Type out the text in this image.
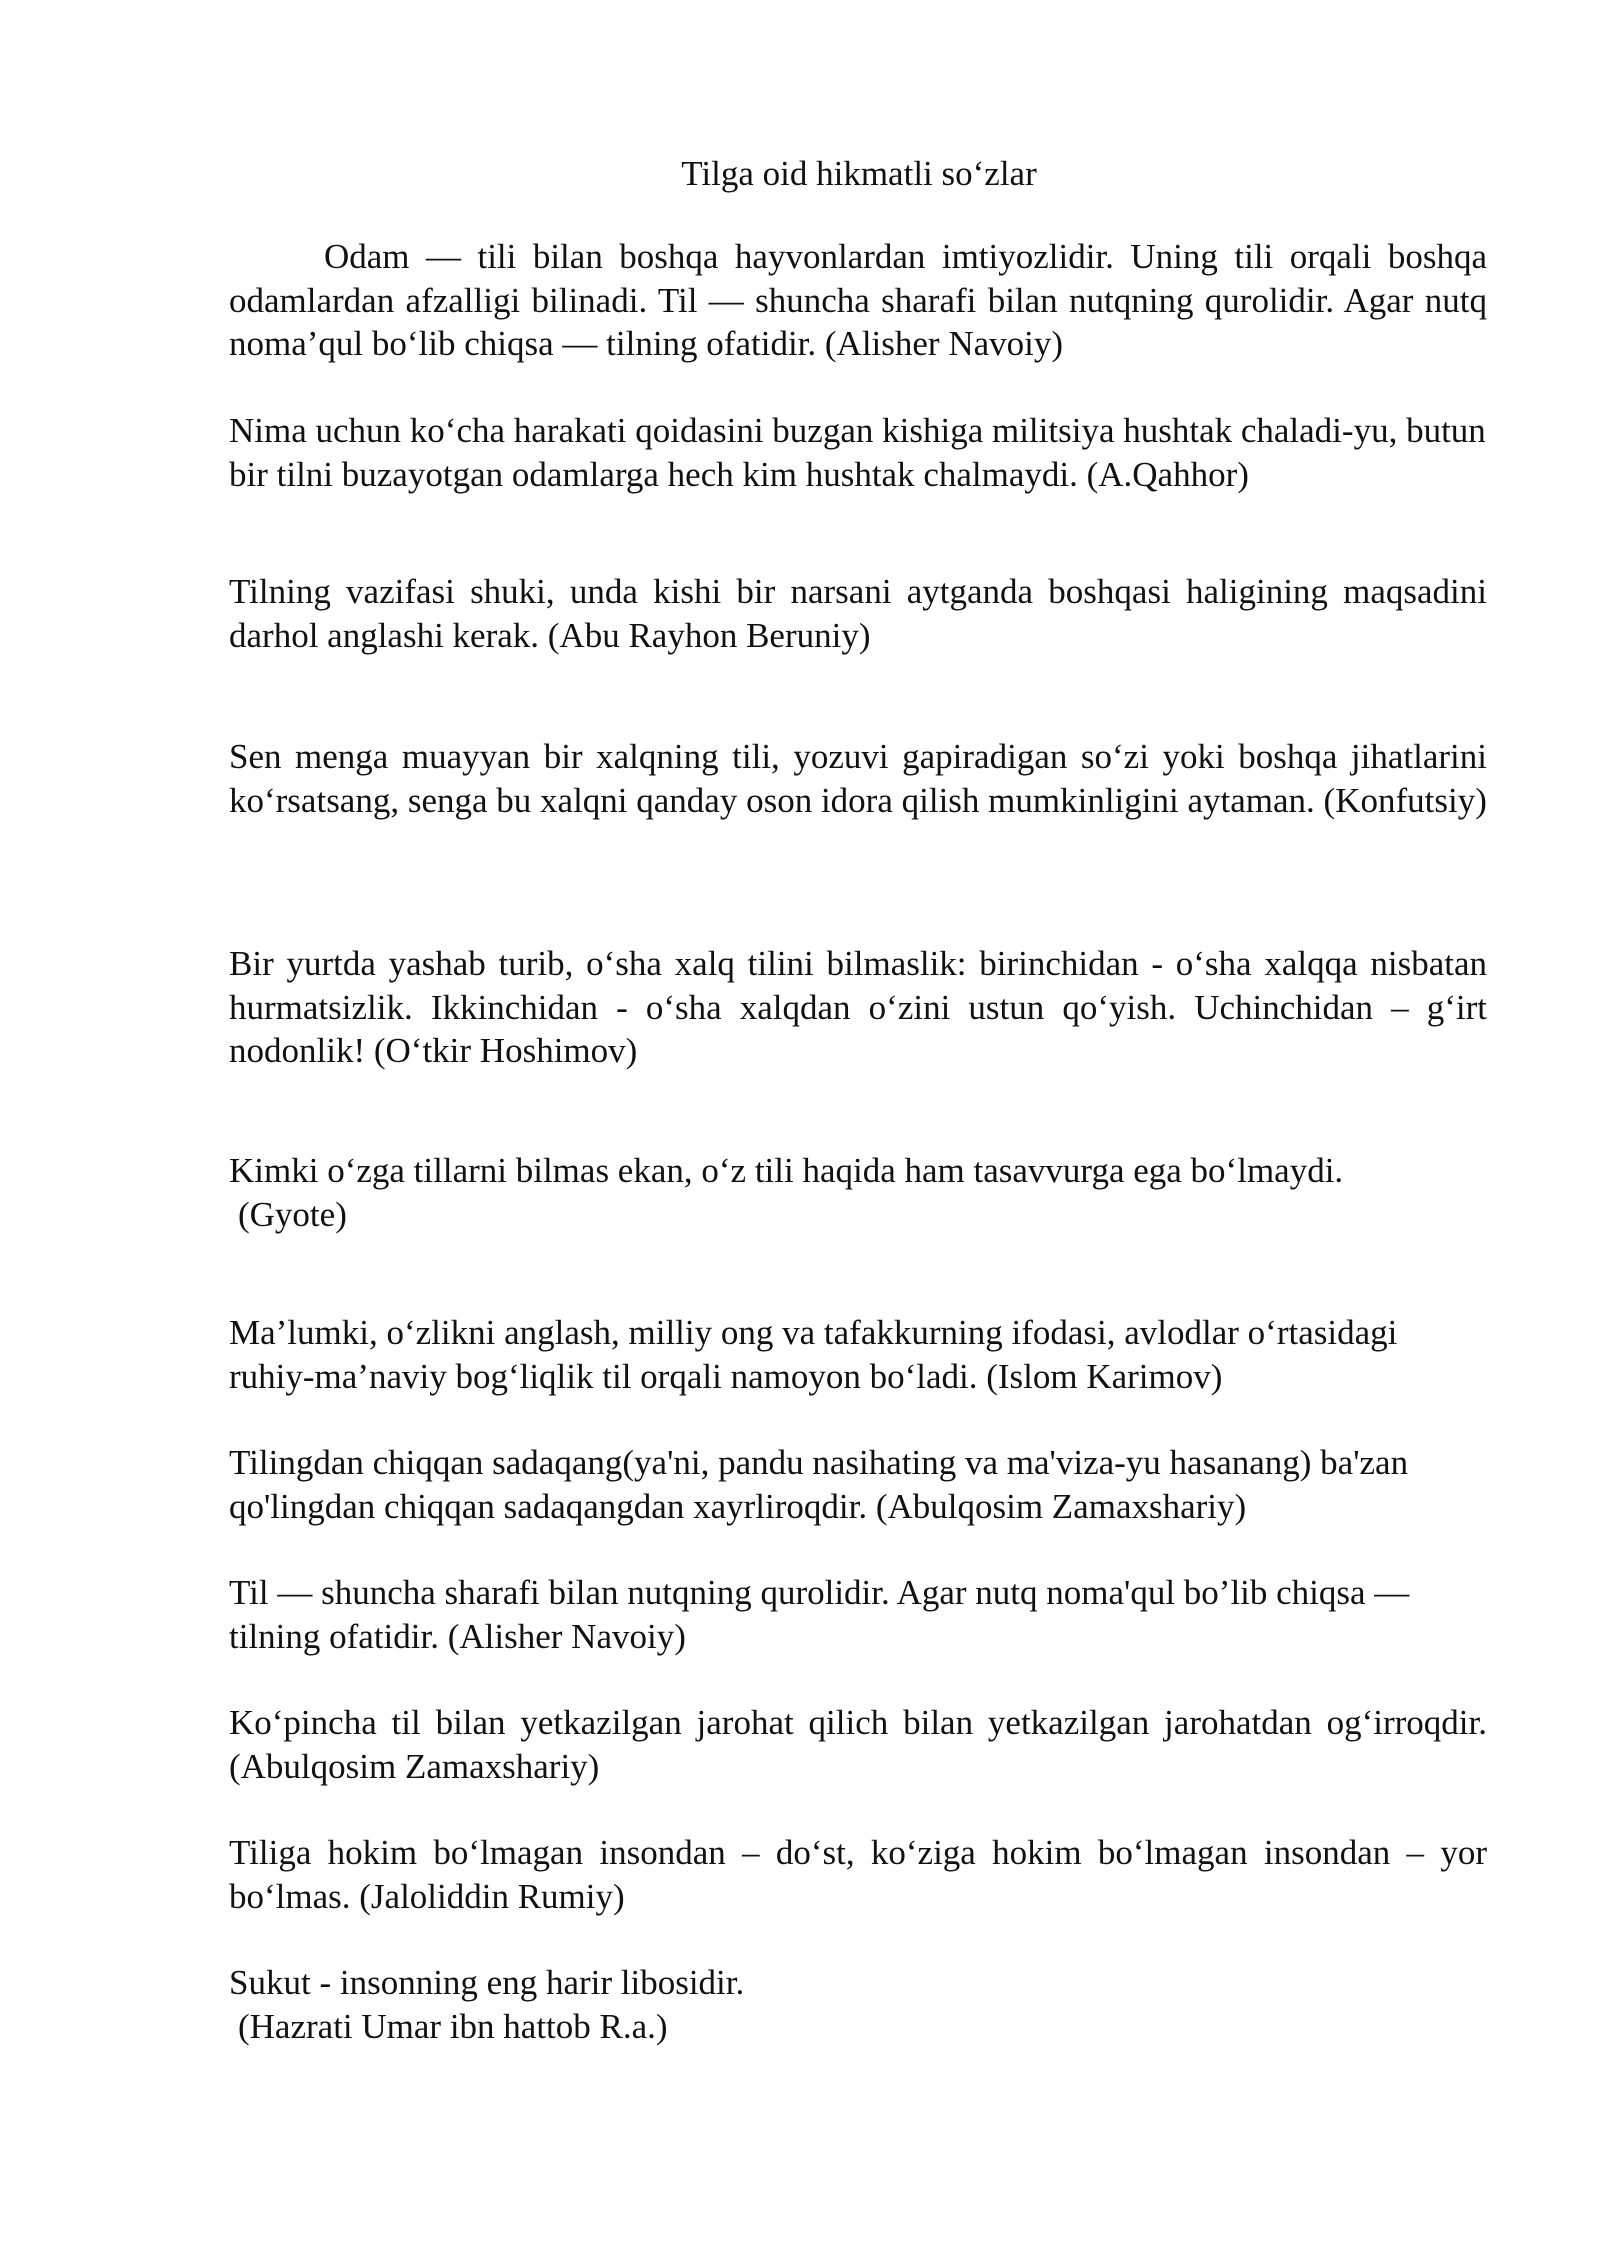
Tilga oid hikmatli so‘zlar

Odam — tili bilan boshqa hayvonlardan imtiyozlidir. Uning tili orqali boshqa odamlardan afzalligi bilinadi. Til — shuncha sharafi bilan nutqning qurolidir. Agar nutq noma’qul bo‘lib chiqsa — tilning ofatidir. (Alisher Navoiy)

Nima uchun ko‘cha harakati qoidasini buzgan kishiga militsiya hushtak chaladi-yu, butun bir tilni buzayotgan odamlarga hech kim hushtak chalmaydi. (A.Qahhor)

Tilning vazifasi shuki, unda kishi bir narsani aytganda boshqasi haligining maqsadini darhol anglashi kerak. (Abu Rayhon Beruniy)

Sen menga muayyan bir xalqning tili, yozuvi gapiradigan so‘zi yoki boshqa jihatlarini ko‘rsatsang, senga bu xalqni qanday oson idora qilish mumkinligini aytaman. (Konfutsiy)

Bir yurtda yashab turib, o‘sha xalq tilini bilmaslik: birinchidan - o‘sha xalqqa nisbatan hurmatsizlik. Ikkinchidan - o‘sha xalqdan o‘zini ustun qo‘yish. Uchinchidan – g‘irt nodonlik! (O‘tkir Hoshimov)

Kimki o‘zga tillarni bilmas ekan, o‘z tili haqida ham tasavvurga ega bo‘lmaydi.
(Gyote)

Ma’lumki, o‘zlikni anglash, milliy ong va tafakkurning ifodasi, avlodlar o‘rtasidagi ruhiy-ma’naviy bog‘liqlik til orqali namoyon bo‘ladi. (Islom Karimov)

Tilingdan chiqqan sadaqang(ya'ni, pandu nasihating va ma'viza-yu hasanang) ba'zan qo'lingdan chiqqan sadaqangdan xayrliroqdir. (Abulqosim Zamaxshariy)

Til — shuncha sharafi bilan nutqning qurolidir. Agar nutq noma'qul bo’lib chiqsa — tilning ofatidir. (Alisher Navoiy)

Ko‘pincha til bilan yetkazilgan jarohat qilich bilan yetkazilgan jarohatdan og‘irroqdir. (Abulqosim Zamaxshariy)

Tiliga hokim bo‘lmagan insondan – do‘st, ko‘ziga hokim bo‘lmagan insondan – yor bo‘lmas. (Jaloliddin Rumiy)

Sukut - insonning eng harir libosidir.
(Hazrati Umar ibn hattob R.a.)
